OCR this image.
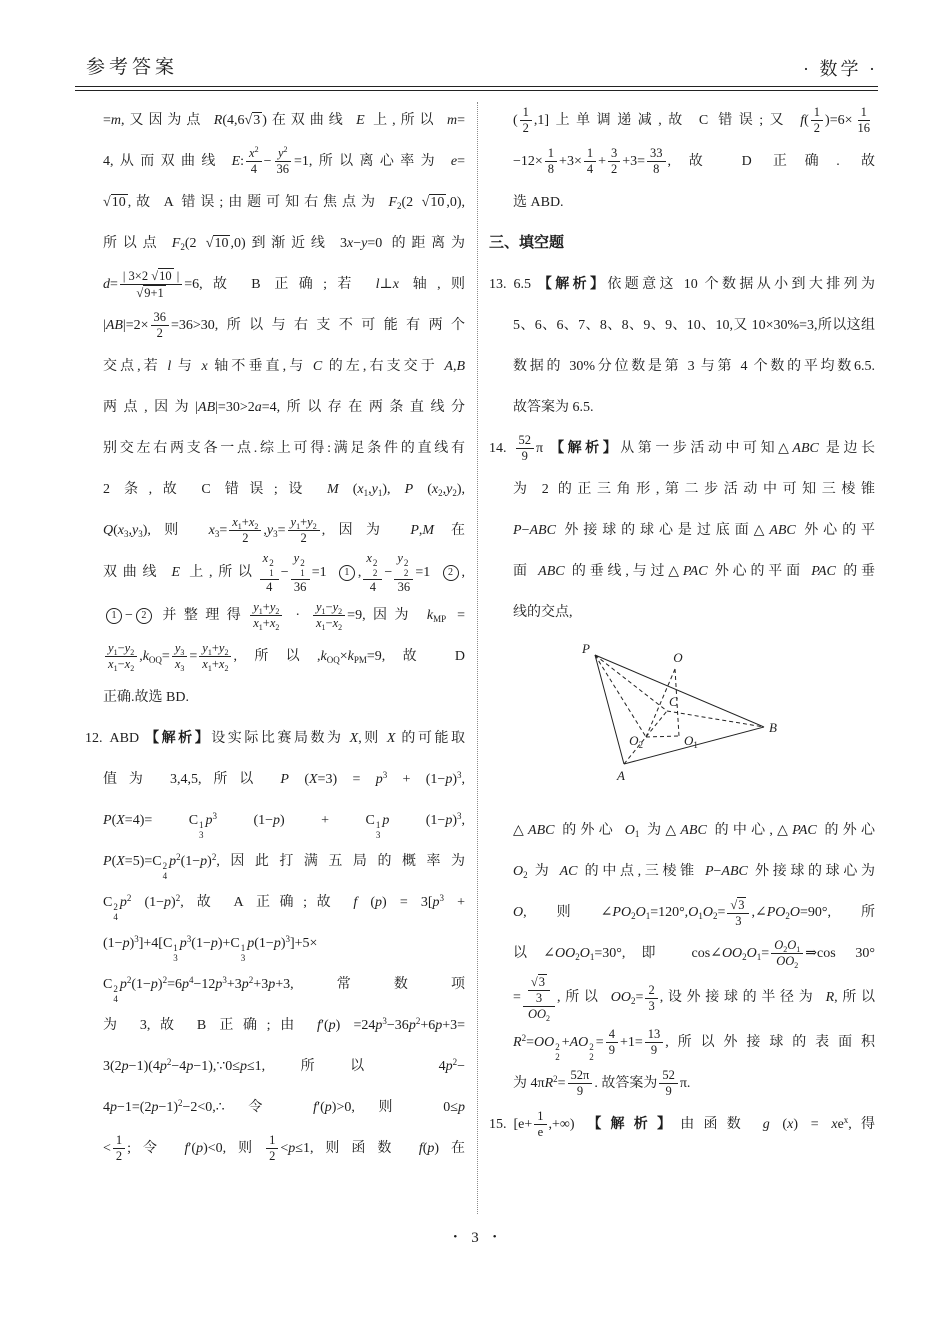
参考答案	· 数学 ·
=m,又因为点 R(4,6√3 )在双曲线 E 上,所以 m=
4,从而双曲线 E: $\frac{x^2}{4} - \frac{y^2}{36} =1$,所以离心率为 e=
√10 ,故 A 错误;由题可知右焦点为 $F_2(2$ √10 ,0),
所以点 $F_2(2$ √10 ,0)到渐近线 3x−y=0 的距离为
$d= \frac{| 3\times 2 √10 |}{√9+1} =6$,故 B 正确;若 l⊥x 轴,则
$|AB|=2\times \frac{36}{2} =36>30$,所以与右支不可能有两个
交点,若 l 与 x 轴不垂直,与 C 的左,右支交于 A,B
两点,因为|AB|=30>2a=4,所以存在两条直线分
别交左右两支各一点.综上可得:满足条件的直线有
2 条,故 C 错误;设 M $(x_1,y_1)$, P $(x_2,y_2)$,
$Q(x_3,y_3)$,则 $x_3= \frac{x_1+x_2}{2} ,y_3= \frac{y_1+y_2}{2}$ ,因为 P,M 在
双曲线 E 上,所以 x 2
1
4 − y 2
1
36 =1 1 , x 2
2
4 − y 2
2
36 =1 2 ,
1 − 2 并整理得 $\frac{y_1+y_2}{x_1+x_2} \cdot \frac{y_1-y_2}{x_1-x_2} =9$,因为 $k_{MP}$ =
$\frac{y_1-y_2}{x_1-x_2} ,k_{OQ}= \frac{y_3}{x_3} = \frac{y_1+y_2}{x_1+x_2}$ ,所以$,k_{OQ}\times k_{PM}=9$,故 D
正确.故选 BD.
12. ABD 【解析】设实际比赛局数为 X,则 X 的可能取
值为 3,4,5,所以 P $(X=3) = p^3 + (1-p)^3$,
P(X=4)= C 1
3
$p^3$ (1−p) + C 1
3
p $(1-p)^3$,
P(X=5)=C 2
4
$p^2(1-p)^2$,因此打满五局的概率为
C 2
4
$p^2$ $(1-p)^2$, 故 A 正确;故 f $(p) = 3[p^3$ +
$(1-p)^3]+4[C$ 1
3
$p^3(1-p)+C$ 1
3
$p(1-p)^3]+5\times$
C 2
4
$p^2(1-p)^2=6p^4-12p^3+3p^2+3p+3$,常数项
为 3,故 B 正确;由 $f'(p) =24p^3-36p^2+6p+3=$
$3(2p-1)(4p^2-4p-1),\because 0\le p\le 1$,所以 $4p^2-$
$4p-1=(2p-1)^2-2<0,\therefore$令 f′(p)>0,则 0≤p
< $\frac{1}{2}$ ;令 f′(p)<0,则 $\frac{1}{2} <p\le 1$,则函数 f(p)在
( $\frac{1}{2} ,1$]上单调递减,故 C 错误;又 $f( \frac{1}{2} )=6\times \frac{1}{16}$
$-12\times \frac{1}{8} +3\times \frac{1}{4} + \frac{3}{2} +3= \frac{33}{8}$ ,故 D 正确. 故
选 ABD.
三、填空题
13. 6.5 【解析】依题意这 10 个数据从小到大排列为
5、6、6、7、8、8、9、9、10、10,又 10×30%=3,所以这组
数据的 30%分位数是第 3 与第 4 个数的平均数6.5.
故答案为 6.5.
14. $\frac{52}{9}$ π 【解析】从第一步活动中可知△ABC 是边长
为 2 的正三角形,第二步活动中可知三棱锥
P−ABC 外接球的球心是过底面△ABC 外心的平
面 ABC 的垂线,与过△PAC 外心的平面 PAC 的垂
线的交点,
P
O
C
$O_2$	$O_1$
B
A
△ABC 的外心 $O_1$ 为△ABC 的中心,△PAC 的外心
$O_2$ 为 AC 的中点,三棱锥 P−ABC 外接球的球心为
O,则$\angle PO_2O_1=120^\circ,O_1O_2= \frac{√3}{3}$ $,\angle PO_2O=90^\circ$,所
以$\angle OO_2O_1=30^\circ$,即 $\cos\angle OO_2O_1= \frac{O_2O_1}{OO_2}$ ⇒cos 30°
= $\frac{\frac{√3}{3}}{OO_2}$ ,所以 $OO_2= \frac{2}{3}$ ,设外接球的半径为 R,所以
$R^2=OO$ 2
2
+AO 2
2
= $\frac{4}{9} +1= \frac{13}{9}$ ,所以外接球的表面积
为 $4\pi R^2= \frac{52\pi}{9}$ . 故答案为 $\frac{52}{9} \pi$.
15. [$e+ \frac{1}{e}$ ,+∞) 【解析】由函数 g $(x) = xe^x$,得
• 3 •
